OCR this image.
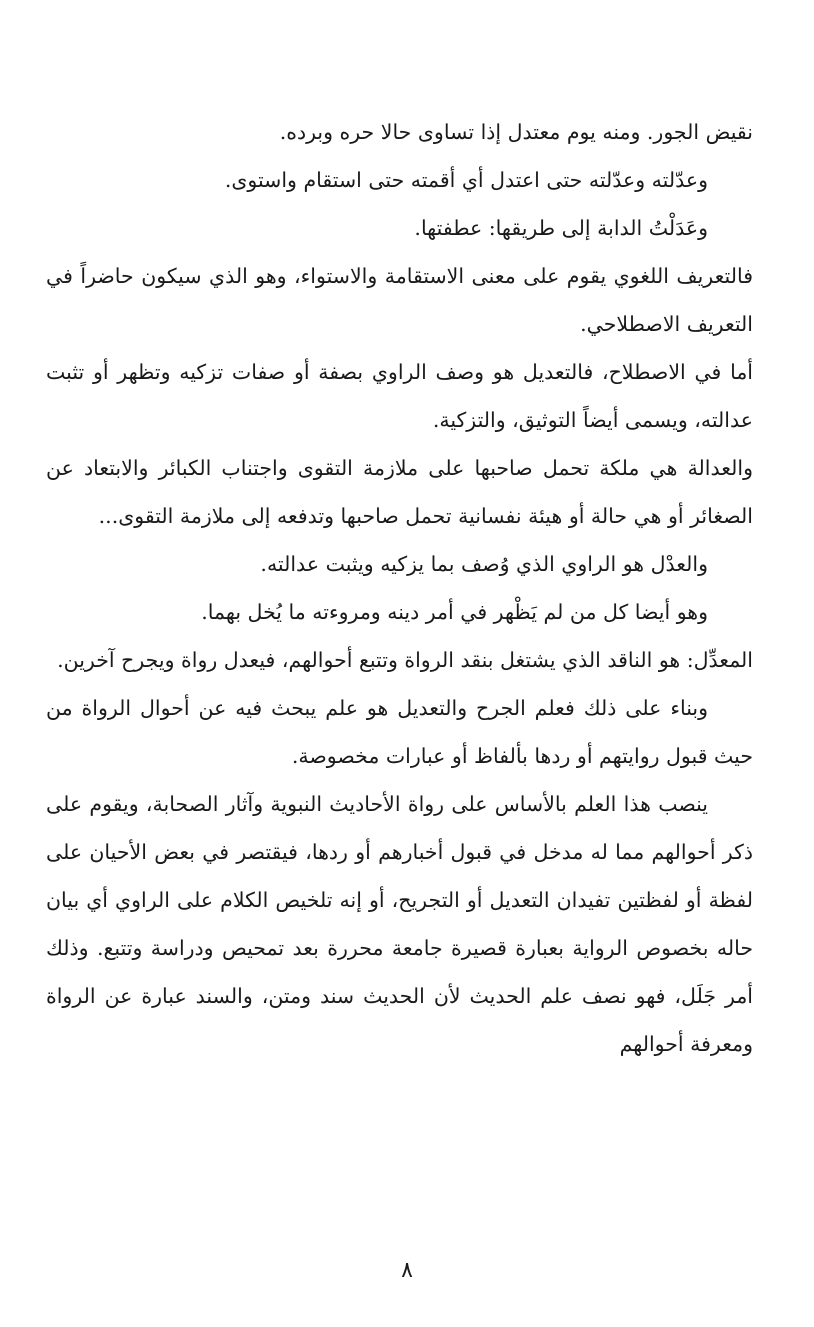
نقيض الجور. ومنه يوم معتدل إذا تساوى حالا حره وبرده.

وعدّلته وعدّلته حتى اعتدل أي أقمته حتى استقام واستوى.

وعَدَلْتُ الدابة إلى طريقها: عطفتها.

فالتعريف اللغوي يقوم على معنى الاستقامة والاستواء، وهو الذي سيكون حاضراً في التعريف الاصطلاحي.

أما في الاصطلاح، فالتعديل هو وصف الراوي بصفة أو صفات تزكيه وتظهر أو تثبت عدالته، ويسمى أيضاً التوثيق، والتزكية.

والعدالة هي ملكة تحمل صاحبها على ملازمة التقوى واجتناب الكبائر والابتعاد عن الصغائر أو هي حالة أو هيئة نفسانية تحمل صاحبها وتدفعه إلى ملازمة التقوى...

والعدْل هو الراوي الذي وُصف بما يزكيه ويثبت عدالته.

وهو أيضا كل من لم يَظْهر في أمر دينه ومروءته ما يُخل بهما.

المعدِّل: هو الناقد الذي يشتغل بنقد الرواة وتتبع أحوالهم، فيعدل رواة ويجرح آخرين.

وبناء على ذلك فعلم الجرح والتعديل هو علم يبحث فيه عن أحوال الرواة من حيث قبول روايتهم أو ردها بألفاظ أو عبارات مخصوصة.

ينصب هذا العلم بالأساس على رواة الأحاديث النبوية وآثار الصحابة، ويقوم على ذكر أحوالهم مما له مدخل في قبول أخبارهم أو ردها، فيقتصر في بعض الأحيان على لفظة أو لفظتين تفيدان التعديل أو التجريح، أو إنه تلخيص الكلام على الراوي أي بيان حاله بخصوص الرواية بعبارة قصيرة جامعة محررة بعد تمحيص ودراسة وتتبع. وذلك أمر جَلَل، فهو نصف علم الحديث لأن الحديث سند ومتن، والسند عبارة عن الرواة ومعرفة أحوالهم

٨
